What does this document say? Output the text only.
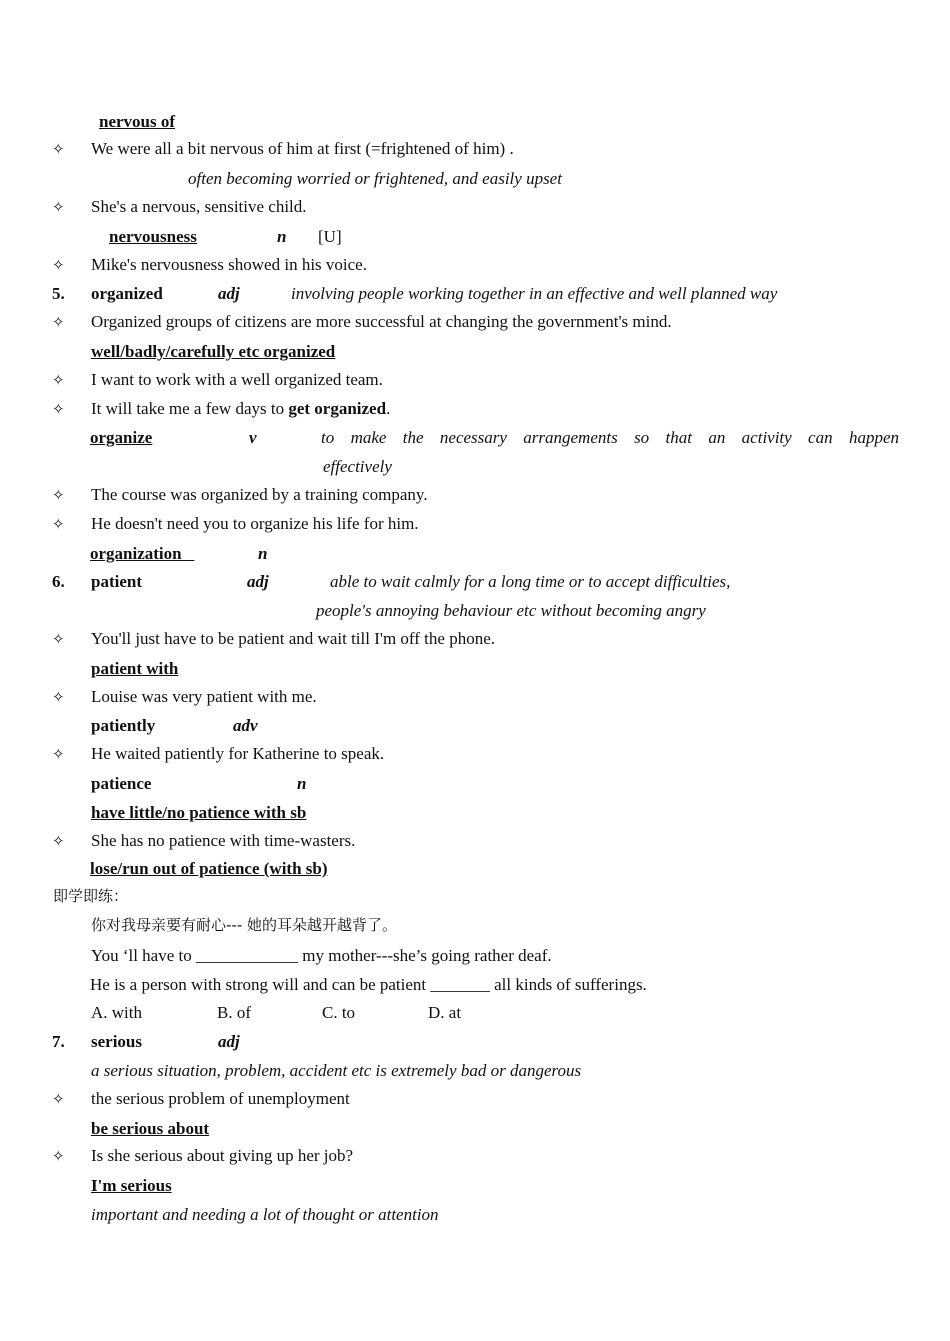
nervous of
✧ We were all a bit nervous of him at first (=frightened of him) .
often becoming worried or frightened, and easily upset
✧ She's a nervous, sensitive child.
nervousness	n [U]
✧ Mike's nervousness showed in his voice.
5. organized	adj	involving people working together in an effective and well planned way
✧ Organized groups of citizens are more successful at changing the government's mind.
well/badly/carefully etc organized
✧ I want to work with a well organized team.
✧ It will take me a few days to get organized.
organize	v	to make the necessary arrangements so that an activity can happen
effectively
✧ The course was organized by a training company.
✧ He doesn't need you to organize his life for him.
organization	n
6. patient	adj	able to wait calmly for a long time or to accept difficulties,
people's annoying behaviour etc without becoming angry
✧ You'll just have to be patient and wait till I'm off the phone.
patient with
✧ Louise was very patient with me.
patiently	adv
✧ He waited patiently for Katherine to speak.
patience	n
have little/no patience with sb
✧ She has no patience with time-wasters.
lose/run out of patience (with sb)
即学即练：
你对我母亲要有耐心--- 她的耳朵越开越背了。
You ‘ll have to ____________ my mother---she’s going rather deaf.
He is a person with strong will and can be patient _______ all kinds of sufferings.
A. with	B. of	C. to	D. at
7. serious	adj
a serious situation, problem, accident etc is extremely bad or dangerous
✧ the serious problem of unemployment
be serious about
✧ Is she serious about giving up her job?
I'm serious
important and needing a lot of thought or attention
